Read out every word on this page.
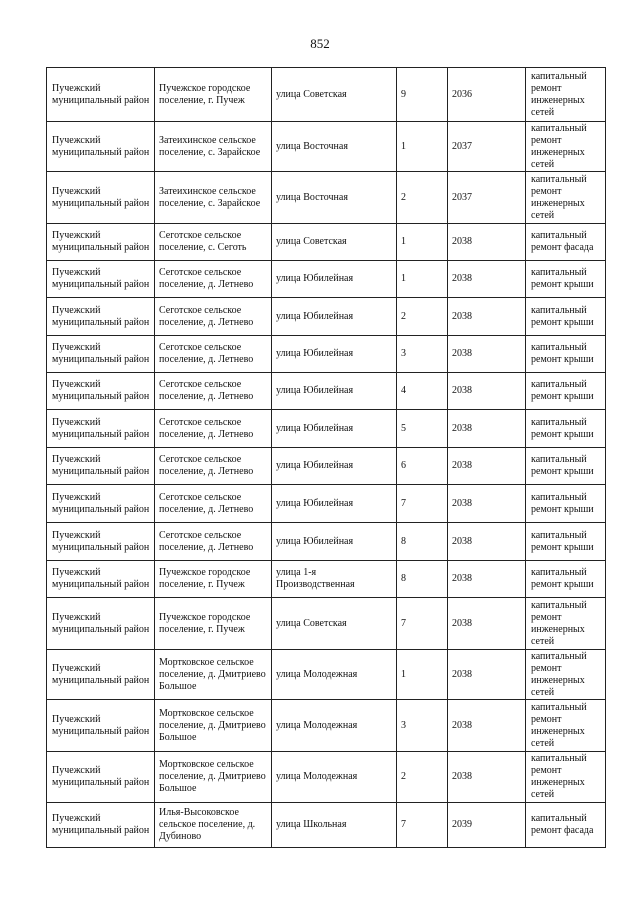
852
Пучежский муниципальный район	Пучежское городское поселение, г. Пучеж	улица Советская	9	2036	капитальный ремонт инженерных сетей
Пучежский муниципальный район	Затеихинское сельское поселение, с. Зарайское	улица Восточная	1	2037	капитальный ремонт инженерных сетей
Пучежский муниципальный район	Затеихинское сельское поселение, с. Зарайское	улица Восточная	2	2037	капитальный ремонт инженерных сетей
Пучежский муниципальный район	Сеготское сельское поселение, с. Сеготь	улица Советская	1	2038	капитальный ремонт фасада
Пучежский муниципальный район	Сеготское сельское поселение, д. Летнево	улица Юбилейная	1	2038	капитальный ремонт крыши
Пучежский муниципальный район	Сеготское сельское поселение, д. Летнево	улица Юбилейная	2	2038	капитальный ремонт крыши
Пучежский муниципальный район	Сеготское сельское поселение, д. Летнево	улица Юбилейная	3	2038	капитальный ремонт крыши
Пучежский муниципальный район	Сеготское сельское поселение, д. Летнево	улица Юбилейная	4	2038	капитальный ремонт крыши
Пучежский муниципальный район	Сеготское сельское поселение, д. Летнево	улица Юбилейная	5	2038	капитальный ремонт крыши
Пучежский муниципальный район	Сеготское сельское поселение, д. Летнево	улица Юбилейная	6	2038	капитальный ремонт крыши
Пучежский муниципальный район	Сеготское сельское поселение, д. Летнево	улица Юбилейная	7	2038	капитальный ремонт крыши
Пучежский муниципальный район	Сеготское сельское поселение, д. Летнево	улица Юбилейная	8	2038	капитальный ремонт крыши
Пучежский муниципальный район	Пучежское городское поселение, г. Пучеж	улица 1-я Производственная	8	2038	капитальный ремонт крыши
Пучежский муниципальный район	Пучежское городское поселение, г. Пучеж	улица Советская	7	2038	капитальный ремонт инженерных сетей
Пучежский муниципальный район	Мортковское сельское поселение, д. Дмитриево Большое	улица Молодежная	1	2038	капитальный ремонт инженерных сетей
Пучежский муниципальный район	Мортковское сельское поселение, д. Дмитриево Большое	улица Молодежная	3	2038	капитальный ремонт инженерных сетей
Пучежский муниципальный район	Мортковское сельское поселение, д. Дмитриево Большое	улица Молодежная	2	2038	капитальный ремонт инженерных сетей
Пучежский муниципальный район	Илья-Высоковское сельское поселение, д. Дубиново	улица Школьная	7	2039	капитальный ремонт фасада
